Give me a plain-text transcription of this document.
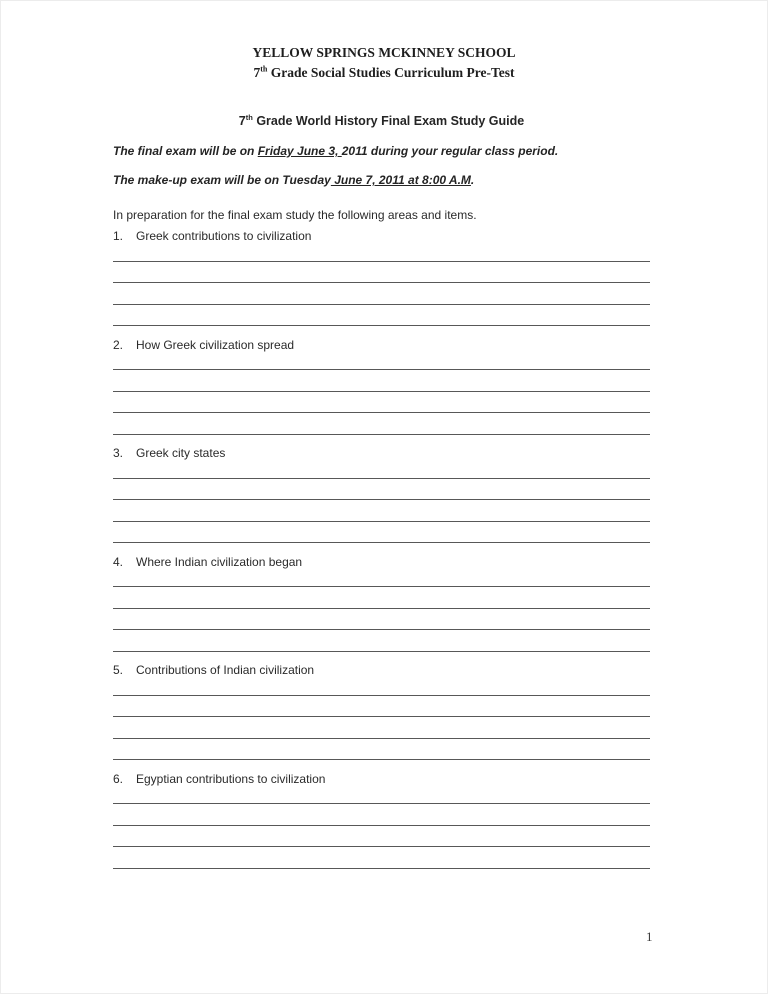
YELLOW SPRINGS MCKINNEY SCHOOL
7th Grade Social Studies Curriculum Pre-Test
7th Grade World History Final Exam Study Guide
The final exam will be on Friday June 3, 2011 during your regular class period.
The make-up exam will be on Tuesday June 7, 2011 at 8:00 A.M.
In preparation for the final exam study the following areas and items.
1. Greek contributions to civilization
2. How Greek civilization spread
3. Greek city states
4. Where Indian civilization began
5. Contributions of Indian civilization
6. Egyptian contributions to civilization
1
